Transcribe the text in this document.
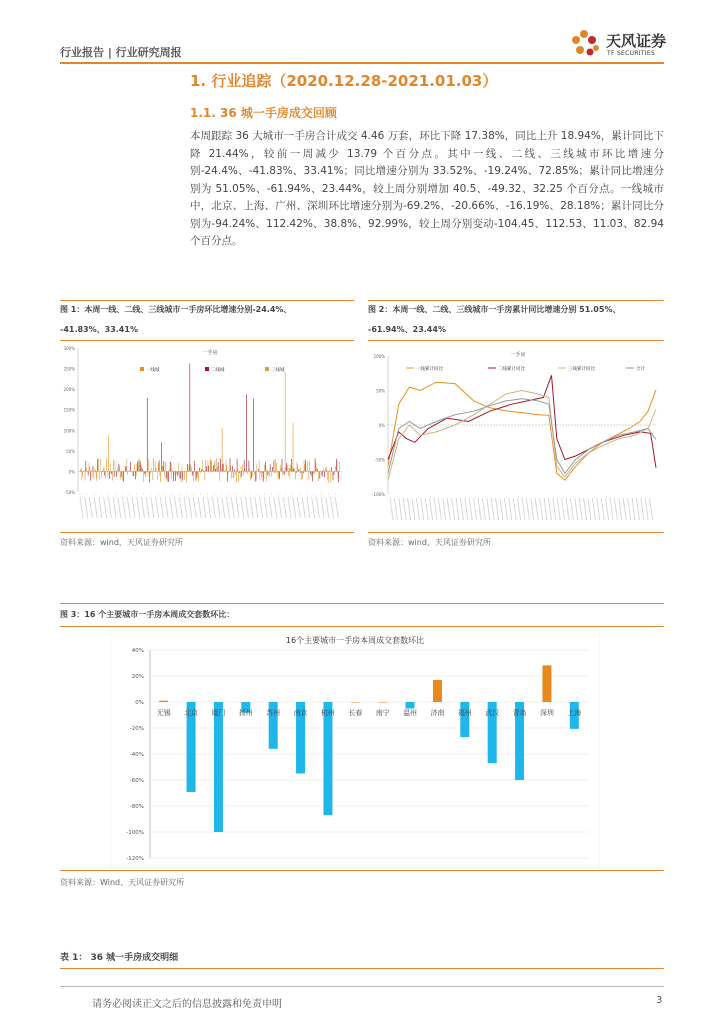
行业报告 | 行业研究周报
天风证券
TF SECURITIES
1. 行业追踪（2020.12.28-2021.01.03）
1.1. 36 城一手房成交回顾
本周跟踪 36 大城市一手房合计成交 4.46 万套，环比下降 17.38%，同比上升 18.94%，累计同比下降 21.44%，较前一周减少 13.79 个百分点。其中一线、二线、三线城市环比增速分别-24.4%、-41.83%、33.41%；同比增速分别为 33.52%、-19.24%、72.85%；累计同比增速分别为 51.05%、-61.94%、23.44%，较上周分别增加 40.5、-49.32、32.25 个百分点。一线城市中，北京、上海、广州、深圳环比增速分别为-69.2%、-20.66%、-16.19%、28.18%；累计同比分别为-94.24%、112.42%、38.8%、92.99%，较上周分别变动-104.45、112.53、11.03、82.94 个百分点。
图 1：本周一线、二线、三线城市一手房环比增速分别-24.4%、
-41.83%、33.41%
-50%
0%
50%
100%
150%
200%
250%
300%
一手房
一线城	二线城	三线城
资料来源：wind、天风证券研究所
图 2：本周一线、二线、三线城市一手房累计同比增速分别 51.05%、
-61.94%、23.44%
100%
50%
0%
-50%
-100%
一手房
一线累计同比	二线累计同比	三线累计同比	合计
资料来源：wind、天风证券研究所
图 3：16 个主要城市一手房本周成交套数环比：
16个主要城市一手房本周成交套数环比
40%
20%
0%
-20%
-40%
-60%
-80%
-100%
-120%
无锡 北京 厦门 扬州 苏州 南京 杭州 长春 南宁 温州 济南 福州 武汉 青岛 深圳 上海
资料来源：Wind、天风证券研究所
表 1： 36 城一手房成交明细
请务必阅读正文之后的信息披露和免责申明	3
